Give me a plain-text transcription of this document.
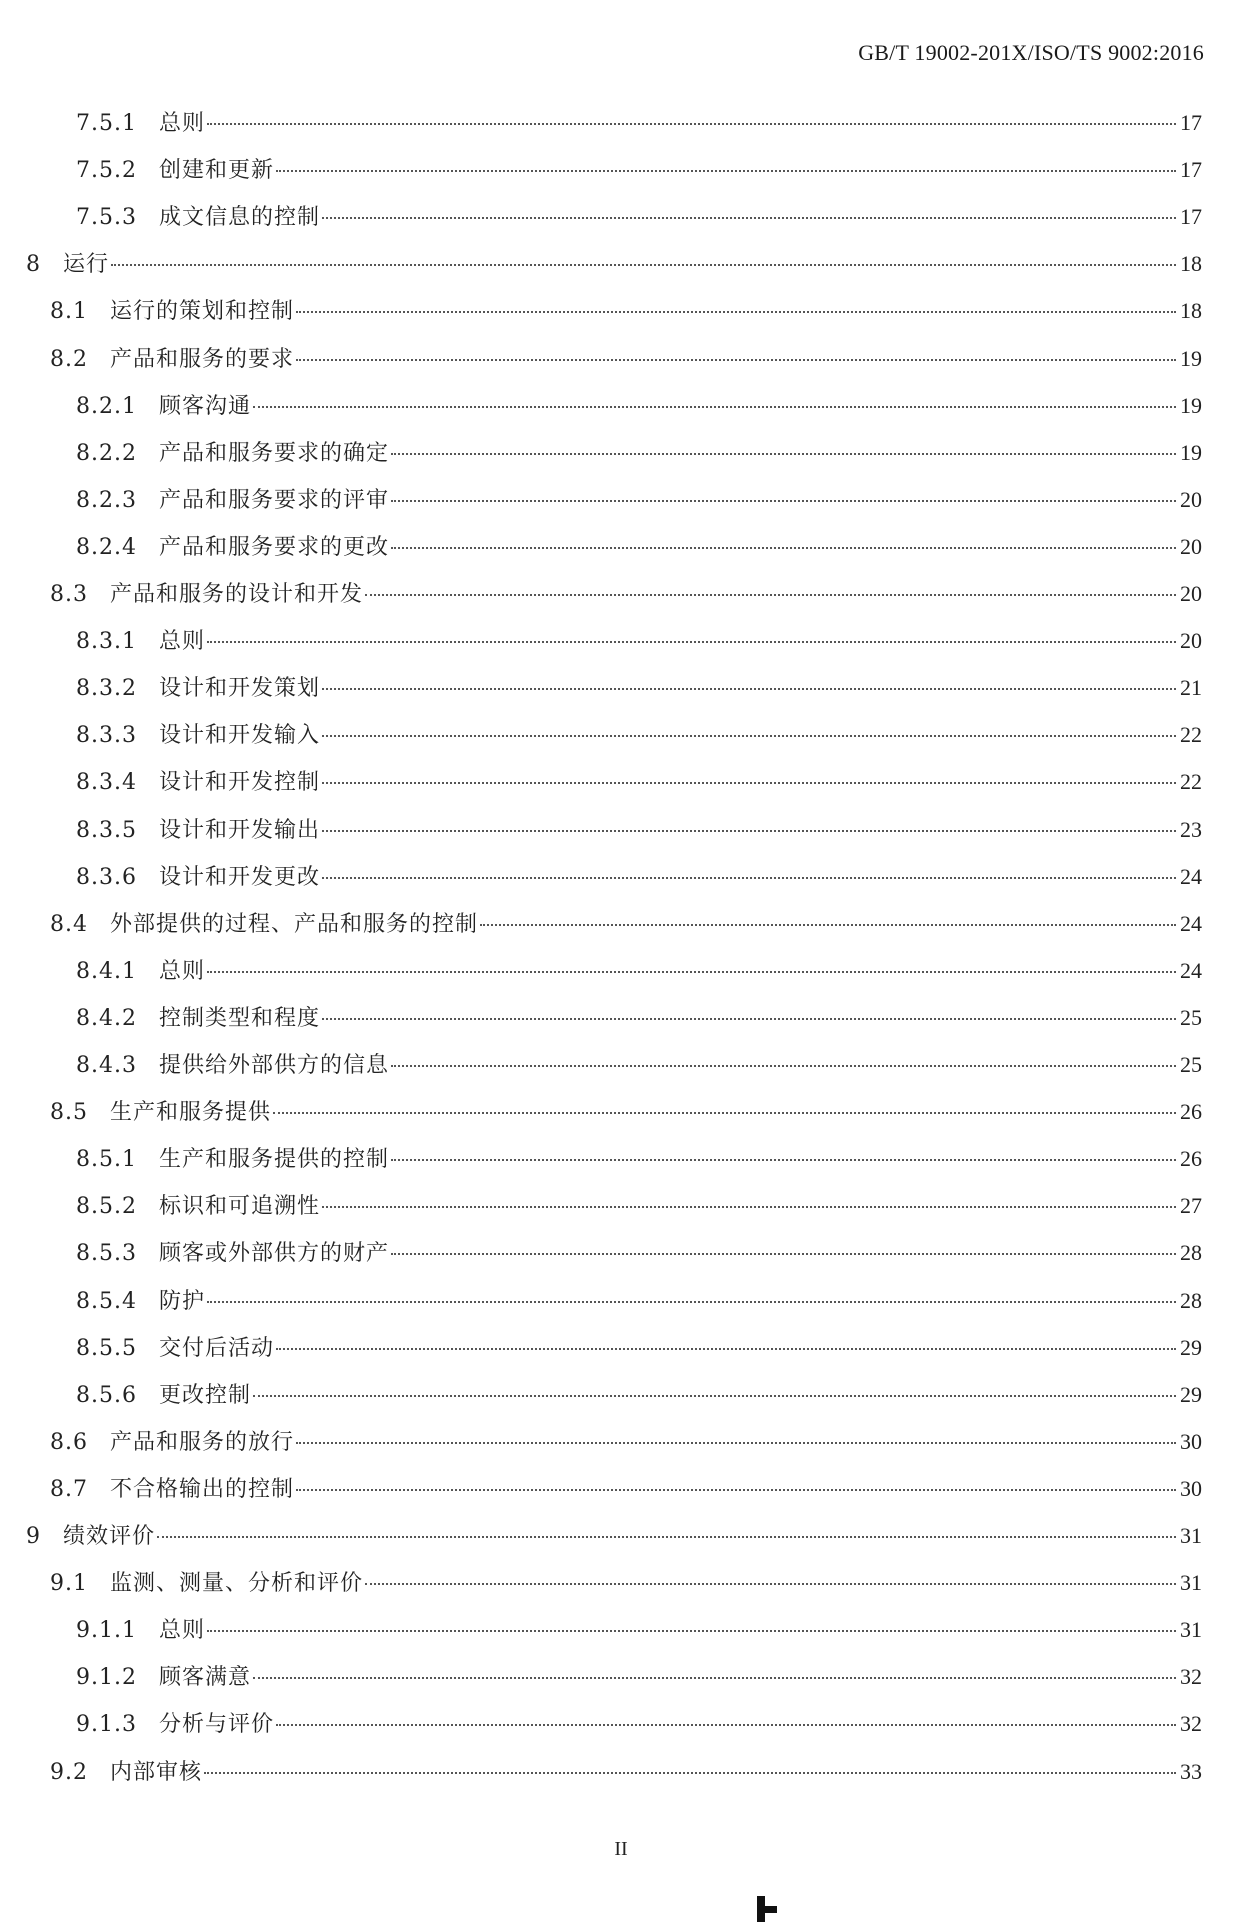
GB/T 19002-201X/ISO/TS 9002:2016
7.5.1 总则	17
7.5.2 创建和更新	17
7.5.3 成文信息的控制	17
8 运行	18
8.1 运行的策划和控制	18
8.2 产品和服务的要求	19
8.2.1 顾客沟通	19
8.2.2 产品和服务要求的确定	19
8.2.3 产品和服务要求的评审	20
8.2.4 产品和服务要求的更改	20
8.3 产品和服务的设计和开发	20
8.3.1 总则	20
8.3.2 设计和开发策划	21
8.3.3 设计和开发输入	22
8.3.4 设计和开发控制	22
8.3.5 设计和开发输出	23
8.3.6 设计和开发更改	24
8.4 外部提供的过程、产品和服务的控制	24
8.4.1 总则	24
8.4.2 控制类型和程度	25
8.4.3 提供给外部供方的信息	25
8.5 生产和服务提供	26
8.5.1 生产和服务提供的控制	26
8.5.2 标识和可追溯性	27
8.5.3 顾客或外部供方的财产	28
8.5.4 防护	28
8.5.5 交付后活动	29
8.5.6 更改控制	29
8.6 产品和服务的放行	30
8.7 不合格输出的控制	30
9 绩效评价	31
9.1 监测、测量、分析和评价	31
9.1.1 总则	31
9.1.2 顾客满意	32
9.1.3 分析与评价	32
9.2 内部审核	33
II
